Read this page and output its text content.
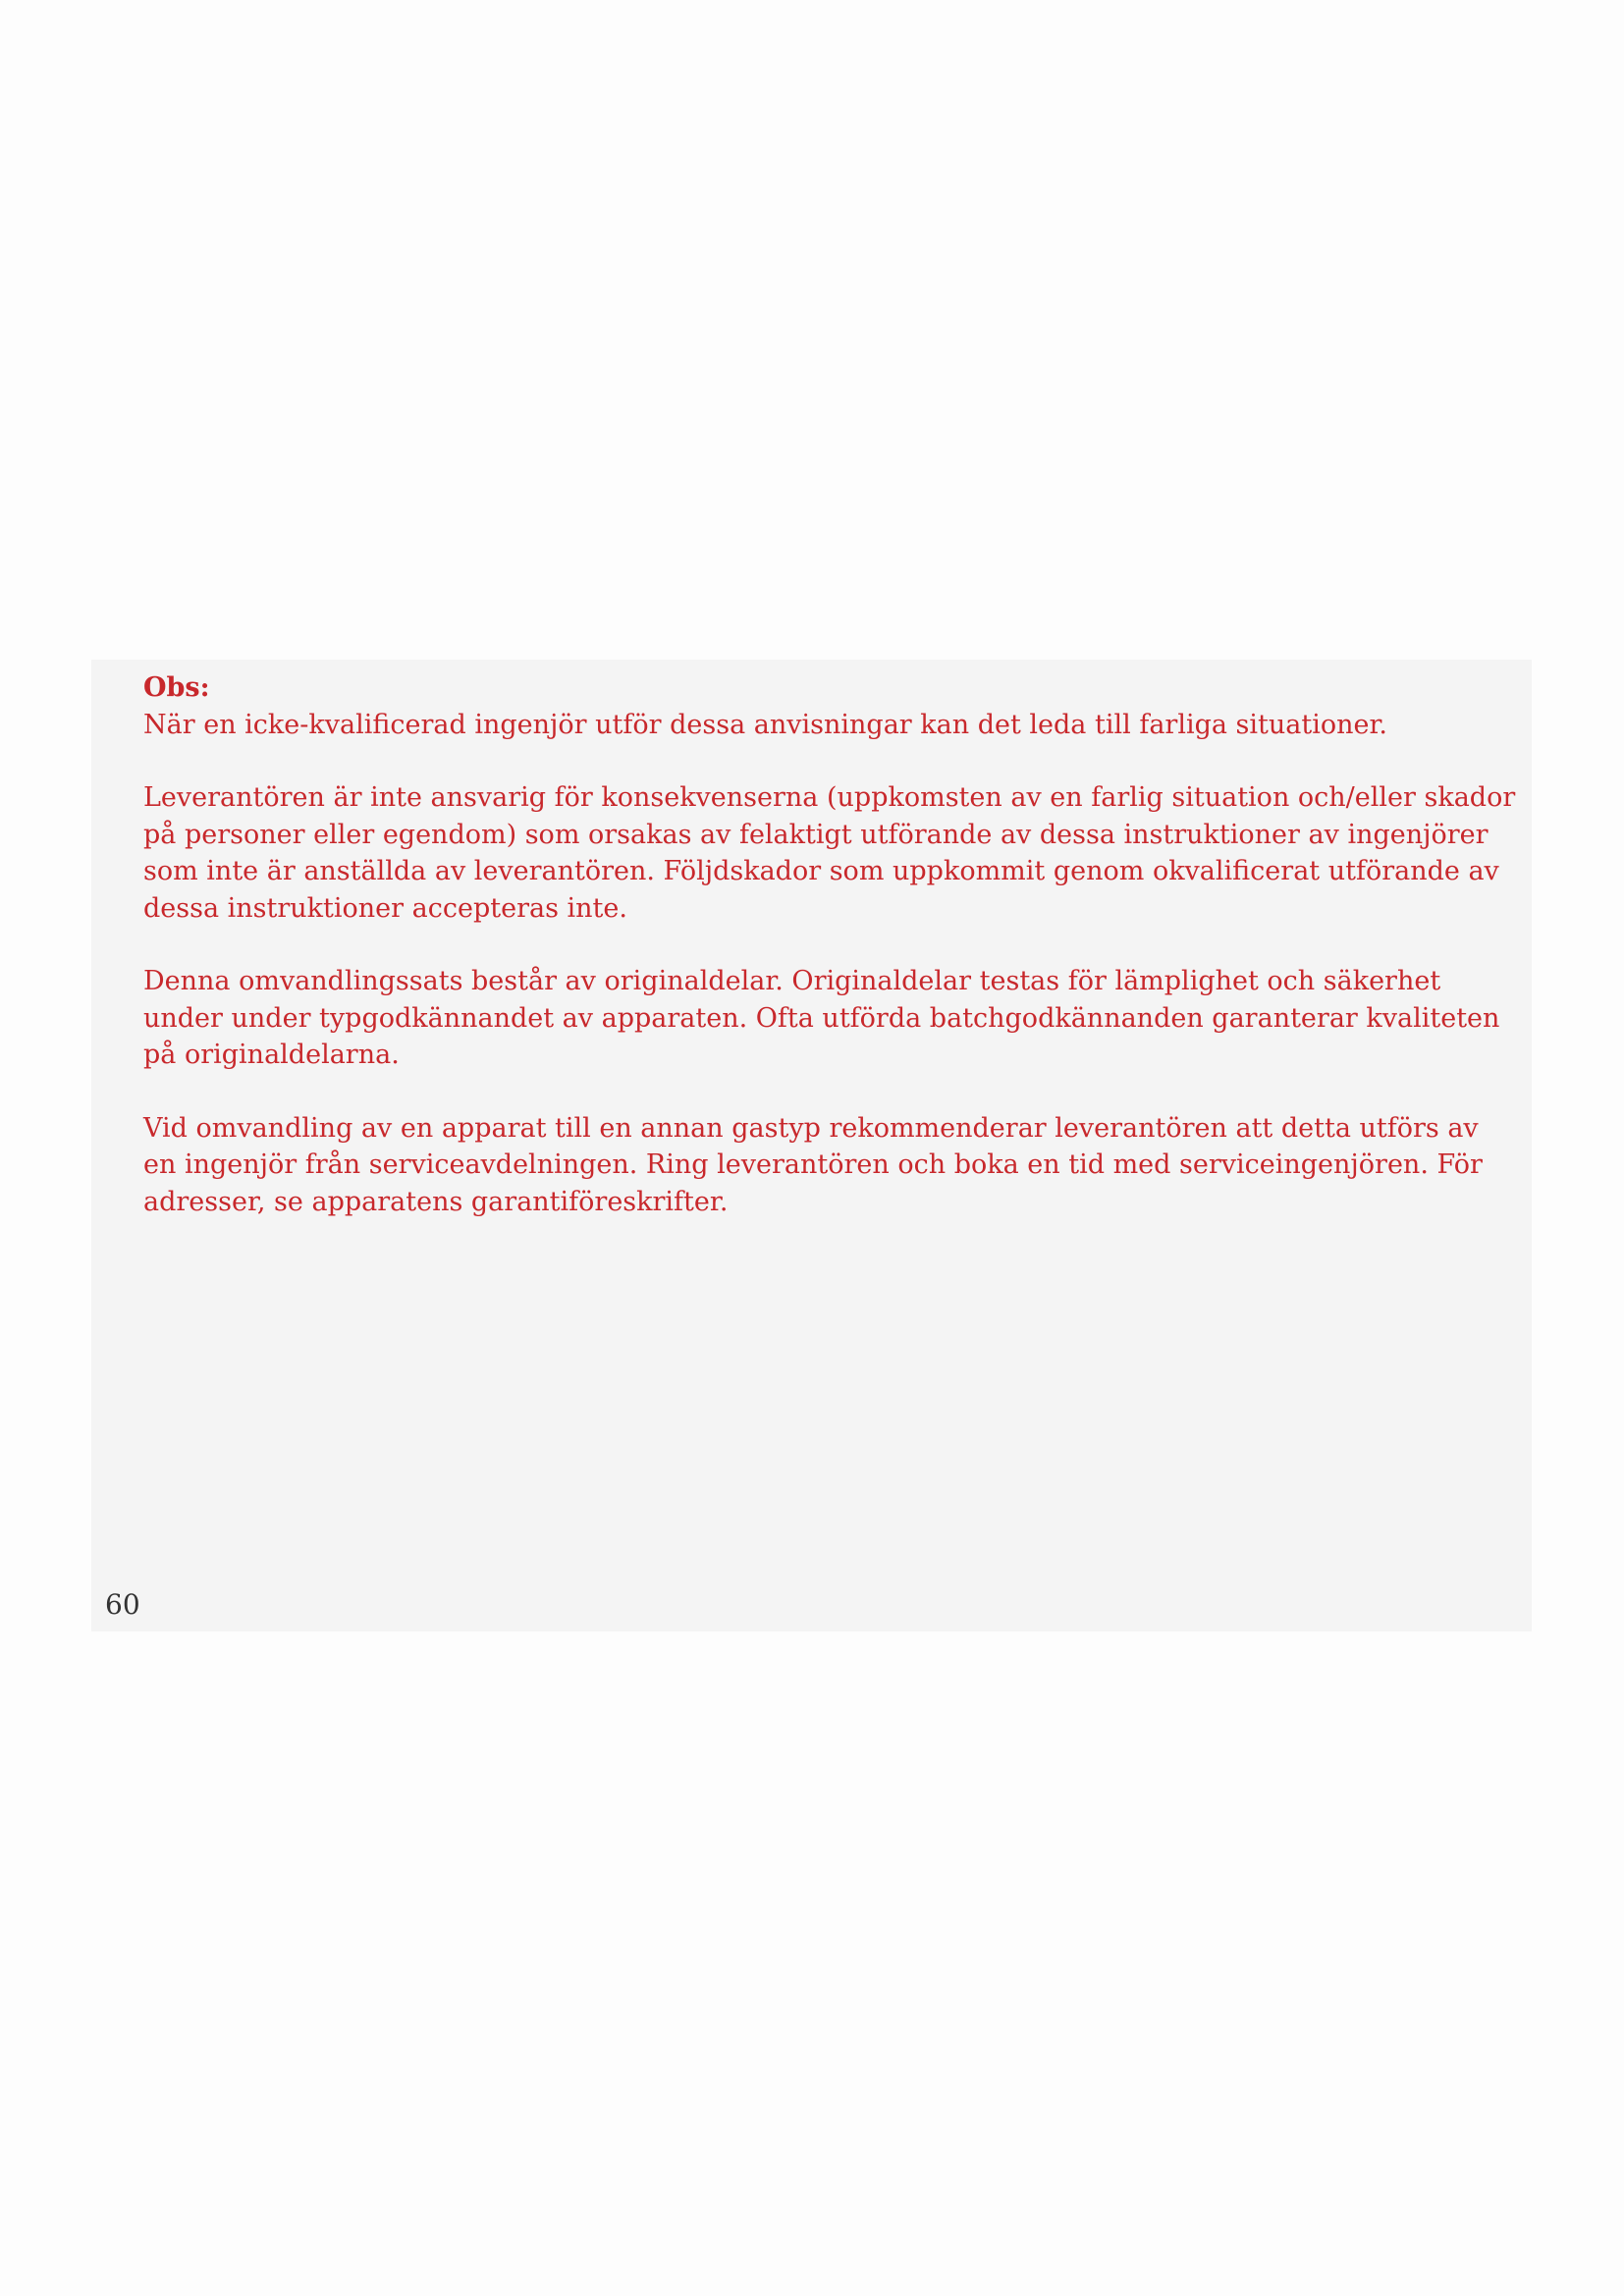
Obs:

När en icke-kvalificerad ingenjör utför dessa anvisningar kan det leda till farliga situationer.

Leverantören är inte ansvarig för konsekvenserna (uppkomsten av en farlig situation och/eller skador på personer eller egendom) som orsakas av felaktigt utförande av dessa instruktioner av ingenjörer som inte är anställda av leverantören. Följdskador som uppkommit genom okvalificerat utförande av dessa instruktioner accepteras inte.

Denna omvandlingssats består av originaldelar. Originaldelar testas för lämplighet och säkerhet under under typgodkännandet av apparaten. Ofta utförda batchgodkännanden garanterar kvaliteten på originaldelarna.

Vid omvandling av en apparat till en annan gastyp rekommenderar leverantören att detta utförs av en ingenjör från serviceavdelningen. Ring leverantören och boka en tid med serviceingenjören. För adresser, se apparatens garantiföreskrifter.

60
